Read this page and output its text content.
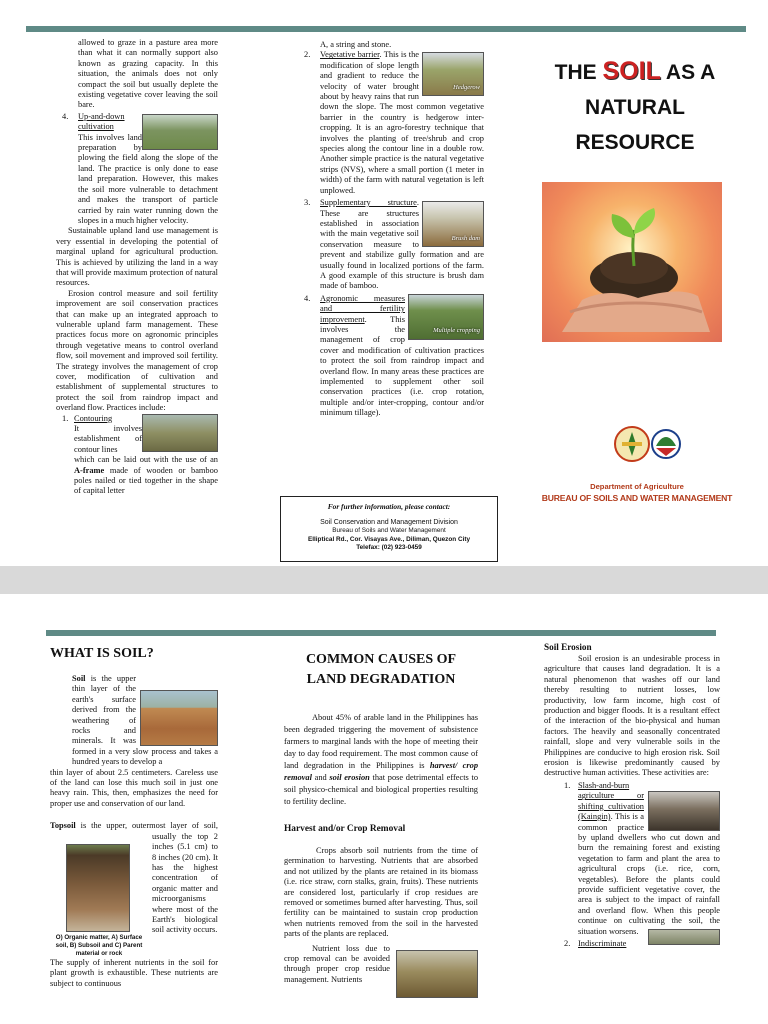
allowed to graze in a pasture area more than what it can normally support also known as grazing capacity. In this situation, the animals does not only compact the soil but usually deplete the existing vegetative cover leaving the soil bare.
4. Up-and-down cultivation
This involves land preparation by plowing the field along the slope of the land. The practice is only done to ease land preparation. However, this makes the soil more vulnerable to detachment and makes the transport of particle carried by rain water running down the slopes in a much higher velocity.
Sustainable upland land use management is very essential in developing the potential of marginal upland for agricultural production. This is achieved by utilizing the land in a way that will provide maximum protection of natural resources.
Erosion control measure and soil fertility improvement are soil conservation practices that can make up an integrated approach to vulnerable upland farm management. These practices focus more on agronomic principles through vegetative means to control overland flow, soil movement and improved soil fertility. The strategy involves the management of crop cover, modification of cultivation and establishment of supplemental structures to protect the soil from raindrop impact and overland flow. Practices include:
1. Contouring
It involves establishment of contour lines
which can be laid out with the use of an A-frame made of wooden or bamboo poles nailed or tied together in the shape of capital letter
A, a string and stone.
2.
Hedgerow
Vegetative barrier. This is the modification of slope length and gradient to reduce the velocity of water brought about by heavy rains that run down the slope. The most common vegetative barrier in the country is hedgerow inter-cropping. It is an agro-forestry technique that involves the planting of tree/shrub and crop species along the contour line in a double row. Another simple practice is the natural vegetative strips (NVS), where a small portion (1 meter in width) of the farm with natural vegetation is left unplowed.
3.
Brush dam
Supplementary structure. These are structures established in association with the main vegetative soil conservation measure to prevent and stabilize gully formation and are usually found in localized portions of the farm. A good example of this structure is brush dam made of bamboo.
4.
Multiple cropping
Agronomic measures and fertility improvement. This involves the management of crop cover and modification of cultivation practices to protect the soil from raindrop impact and overland flow. In many areas these practices are implemented to supplement other soil conservation practices (i.e. crop rotation, multiple and/or inter-cropping, contour and/or minimum tillage).
For further information, please contact:
Soil Conservation and Management Division
Bureau of Soils and Water Management
Elliptical Rd., Cor. Visayas Ave., Diliman, Quezon City
Telefax: (02) 923-0459
THE SOIL AS A
NATURAL
RESOURCE
Department of Agriculture
BUREAU OF SOILS AND WATER MANAGEMENT
WHAT IS SOIL?
Soil is the upper thin layer of the earth's surface derived from the weathering of rocks and minerals. It was formed in a very slow process and takes a hundred years to develop a
thin layer of about 2.5 centimeters. Careless use of the land can lose this much soil in just one heavy rain. This, then, emphasizes the need for proper use and conservation of our land.
Topsoil is the upper, outermost layer of
O) Organic matter, A) Surface soil, B) Subsoil and C) Parent material or rock
soil, usually the top 2 inches (5.1 cm) to 8 inches (20 cm). It has the highest concentration of organic matter and microorganisms where most of the Earth's biological soil activity occurs.
The supply of inherent nutrients in the soil for plant growth is exhaustible. These nutrients are subject to continuous
COMMON CAUSES OF
LAND DEGRADATION
About 45% of arable land in the Philippines has been degraded triggering the movement of subsistence farmers to marginal lands with the hope of meeting their day to day food requirement. The most common cause of land degradation in the Philippines is harvest/ crop removal and soil erosion that pose detrimental effects to soil physico-chemical and biological properties resulting to fertility decline.
Harvest and/or Crop Removal
Crops absorb soil nutrients from the time of germination to harvesting. Nutrients that are absorbed and not utilized by the plants are retained in its biomass (i.e. rice straw, corn stalks, grain, fruits). These nutrients are considered lost, particularly if crop residues are removed or sometimes burned after harvesting. Thus, soil fertility can be maintained to sustain crop production when nutrients removed from the soil in the harvested parts of the plants are replaced.
Nutrient loss due to crop removal can be avoided through proper crop residue management. Nutrients
Soil Erosion
Soil erosion is an undesirable process in agriculture that causes land degradation. It is a natural phenomenon that washes off our land thereby resulting to nutrient losses, low productivity, low farm income, high cost of production and bigger floods. It is a resultant effect of the interaction of the bio-physical and human factors. The heavily and seasonally concentrated rainfall, slope and very vulnerable soils in the Philippines are conducive to high erosion risk. Soil erosion is likewise predominantly caused by destructive human activities. These activities are:
1. Slash-and-burn agriculture or shifting cultivation (Kaingin). This is a common practice by upland dwellers who cut down and burn the remaining forest and existing vegetation to farm and plant the area to agricultural crops (i.e. rice, corn, vegetables). Before the plants could provide sufficient vegetative cover, the area is subject to the impact of rainfall and overland flow. When this people continue on cultivating the soil, the situation worsens.
2. Indiscriminate
